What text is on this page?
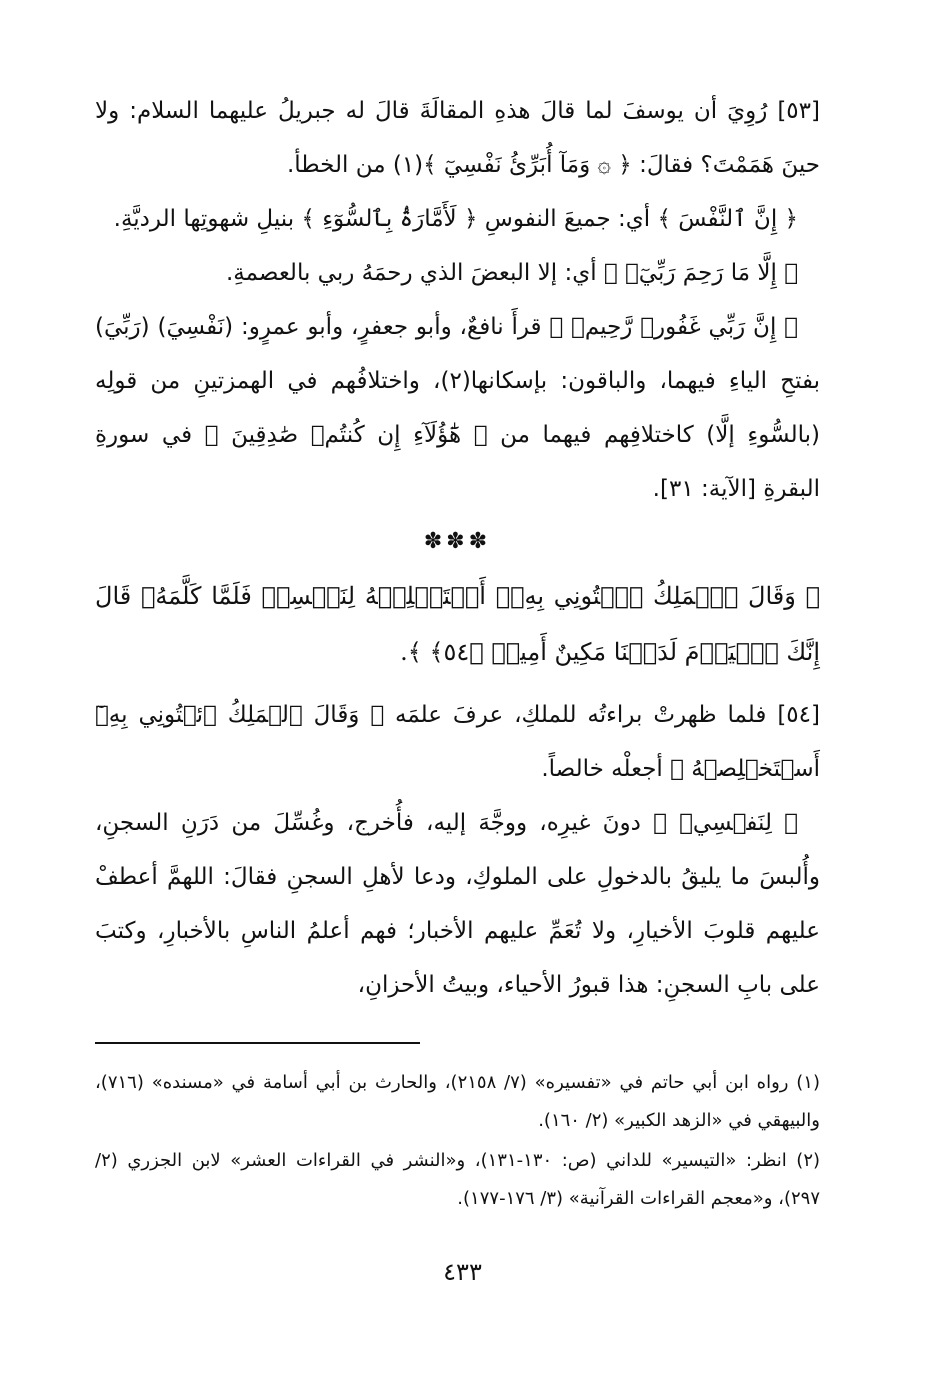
[٥٣] رُوِيَ أن يوسفَ لما قالَ هذهِ المقالَةَ قالَ له جبريلُ عليهما السلام: ولا حينَ هَمَمْتَ؟ فقالَ: ﴿ ۞ وَمَآ أُبَرِّئُ نَفْسِيٓ ﴾(١) من الخطأ.

﴿ إِنَّ ٱلنَّفْسَ ﴾ أي: جميعَ النفوسِ ﴿ لَأَمَّارَةُۢ بِٱلسُّوٓءِ ﴾ بنيلِ شهوتِها الرديَّةِ.

﴿ إِلَّا مَا رَحِمَ رَبِّيٓۚ ﴾ أي: إلا البعضَ الذي رحمَهُ ربي بالعصمةِ.

﴿ إِنَّ رَبِّي غَفُورٞ رَّحِيمٞ ﴾ قرأَ نافعٌ، وأبو جعفرٍ، وأبو عمرٍو: (نَفْسِيَ) (رَبِّيَ) بفتحِ الياءِ فيهما، والباقون: بإسكانها(٢)، واختلافُهم في الهمزتينِ من قولِه (بالسُّوءِ إلَّا) كاختلافِهم فيهما من ﴿ هَٰٓؤُلَآءِ إِن كُنتُمۡ صَٰدِقِينَ ﴾ في سورةِ البقرةِ [الآية: ٣١].

✽✽✽

﴿ وَقَالَ ٱلۡمَلِكُ ٱئۡتُونِي بِهِۦٓ أَسۡتَخۡلِصۡهُ لِنَفۡسِيۖ فَلَمَّا كَلَّمَهُۥ قَالَ إِنَّكَ ٱلۡيَوۡمَ لَدَيۡنَا مَكِينٌ أَمِينٞ ﴿٥٤﴾ ﴾.

[٥٤] فلما ظهرتْ براءتُه للملكِ، عرفَ علمَه ﴿ وَقَالَ ٱلۡمَلِكُ ٱئۡتُونِي بِهِۦٓ أَسۡتَخۡلِصۡهُ ﴾ أجعلْه خالصاً.

﴿ لِنَفۡسِيۖ ﴾ دونَ غيرِه، ووجَّهَ إليه، فأُخرج، وغُسِّلَ من دَرَنِ السجنِ، وأُلبسَ ما يليقُ بالدخولِ على الملوكِ، ودعا لأهلِ السجنِ فقالَ: اللهمَّ أعطفْ عليهم قلوبَ الأخيارِ، ولا تُعَمِّ عليهم الأخبار؛ فهم أعلمُ الناسِ بالأخبارِ، وكتبَ على بابِ السجنِ: هذا قبورُ الأحياء، وبيتُ الأحزانِ،

(١) رواه ابن أبي حاتم في «تفسيره» (٧/ ٢١٥٨)، والحارث بن أبي أسامة في «مسنده» (٧١٦)، والبيهقي في «الزهد الكبير» (٢/ ١٦٠).

(٢) انظر: «التيسير» للداني (ص: ١٣٠-١٣١)، و«النشر في القراءات العشر» لابن الجزري (٢/ ٢٩٧)، و«معجم القراءات القرآنية» (٣/ ١٧٦-١٧٧).

٤٣٣
